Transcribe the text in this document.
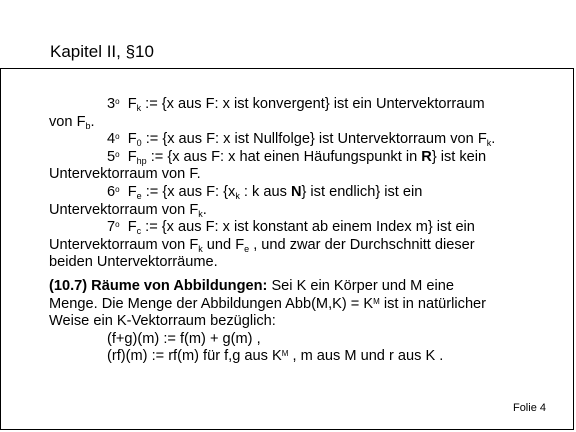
Kapitel II, §10
3$^o$ $F_k$ := {x aus F: x ist konvergent} ist ein Untervektorraum
von $F_b$.
4$^o$ $F_0$ := {x aus F: x ist Nullfolge} ist Untervektorraum von $F_k$.
5$^o$ $F_{hp}$ := {x aus F: x hat einen Häufungspunkt in R} ist kein
Untervektorraum von F.
6$^o$ $F_e$ := {x aus F: {$x_k$ : k aus N} ist endlich} ist ein
Untervektorraum von $F_k$.
7$^o$ $F_c$ := {x aus F: x ist konstant ab einem Index m} ist ein
Untervektorraum von $F_k$ und $F_e$ , und zwar der Durchschnitt dieser
beiden Untervektorräume.
(10.7) Räume von Abbildungen: Sei K ein Körper und M eine
Menge. Die Menge der Abbildungen $Abb(M,K) = K^M$ ist in natürlicher
Weise ein K-Vektorraum bezüglich:
(f+g)(m) := f(m) + g(m) ,
(rf)(m) := rf(m) für f,g aus $K^M$ , m aus M und r aus K .
Folie 4
